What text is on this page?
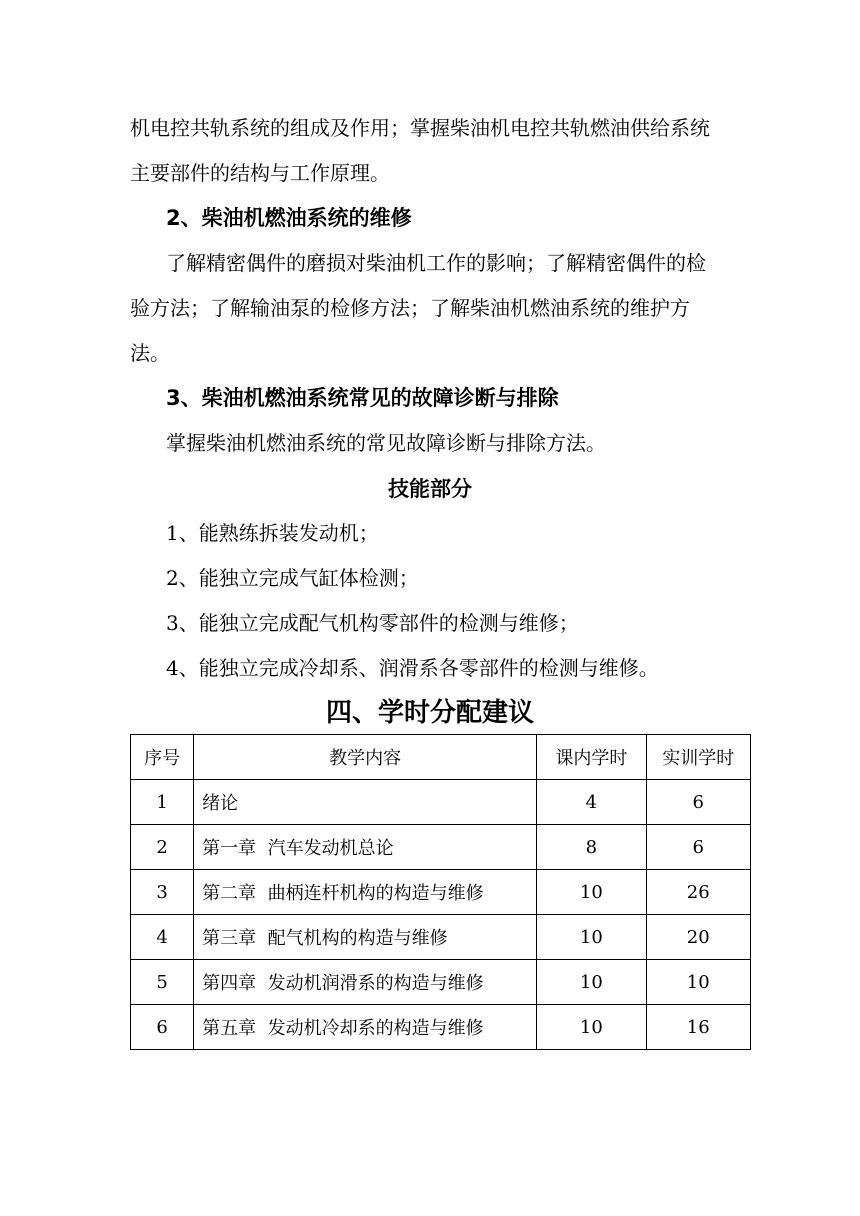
机电控共轨系统的组成及作用；掌握柴油机电控共轨燃油供给系统
主要部件的结构与工作原理。
2、柴油机燃油系统的维修
了解精密偶件的磨损对柴油机工作的影响；了解精密偶件的检
验方法；了解输油泵的检修方法；了解柴油机燃油系统的维护方
法。
3、柴油机燃油系统常见的故障诊断与排除
掌握柴油机燃油系统的常见故障诊断与排除方法。
技能部分
1、能熟练拆装发动机；
2、能独立完成气缸体检测；
3、能独立完成配气机构零部件的检测与维修；
4、能独立完成冷却系、润滑系各零部件的检测与维修。
四、学时分配建议
序号	教学内容	课内学时	实训学时
1	绪论	4	6
2	第一章  汽车发动机总论	8	6
3	第二章  曲柄连杆机构的构造与维修	10	26
4	第三章  配气机构的构造与维修	10	20
5	第四章  发动机润滑系的构造与维修	10	10
6	第五章  发动机冷却系的构造与维修	10	16
